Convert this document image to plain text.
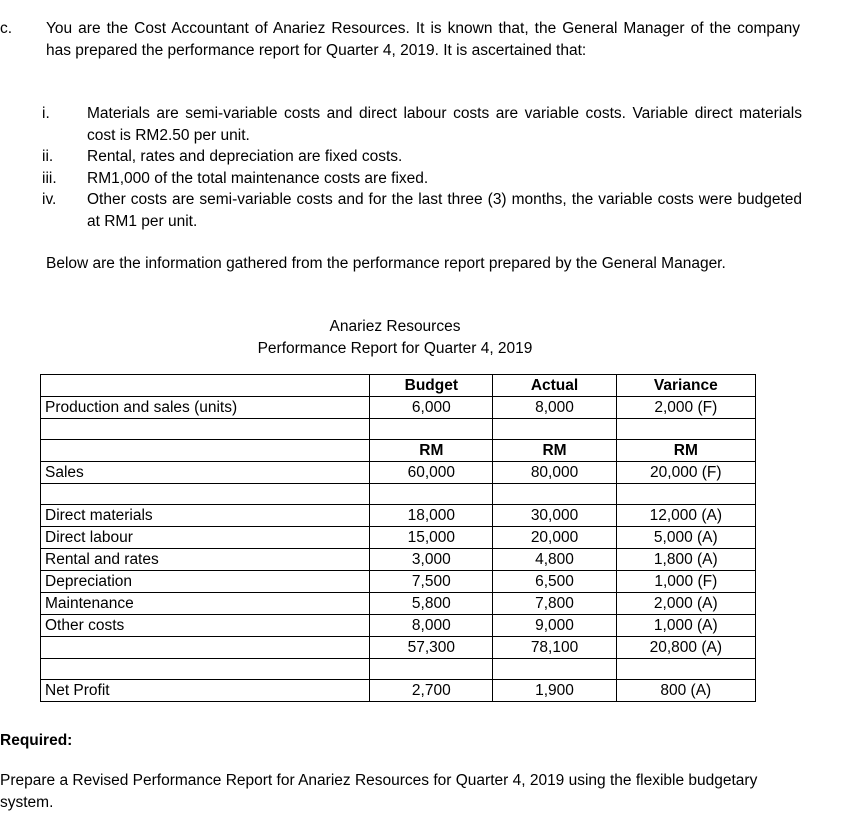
c.	You are the Cost Accountant of Anariez Resources. It is known that, the General Manager of the company has prepared the performance report for Quarter 4, 2019. It is ascertained that:
i.	Materials are semi-variable costs and direct labour costs are variable costs. Variable direct materials cost is RM2.50 per unit.
ii.	Rental, rates and depreciation are fixed costs.
iii.	RM1,000 of the total maintenance costs are fixed.
iv.	Other costs are semi-variable costs and for the last three (3) months, the variable costs were budgeted at RM1 per unit.
Below are the information gathered from the performance report prepared by the General Manager.
Anariez Resources
Performance Report for Quarter 4, 2019
	Budget	Actual	Variance
Production and sales (units)	6,000	8,000	2,000 (F)

	RM	RM	RM
Sales	60,000	80,000	20,000 (F)

Direct materials	18,000	30,000	12,000 (A)
Direct labour	15,000	20,000	5,000 (A)
Rental and rates	3,000	4,800	1,800 (A)
Depreciation	7,500	6,500	1,000 (F)
Maintenance	5,800	7,800	2,000 (A)
Other costs	8,000	9,000	1,000 (A)
	57,300	78,100	20,800 (A)

Net Profit	2,700	1,900	800 (A)
Required:
Prepare a Revised Performance Report for Anariez Resources for Quarter 4, 2019 using the flexible budgetary system.
